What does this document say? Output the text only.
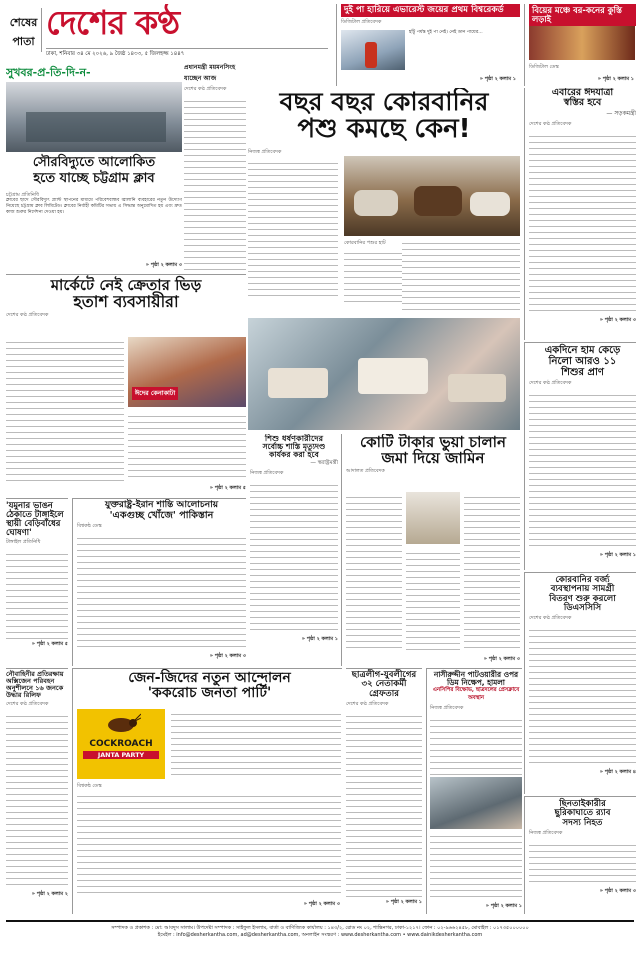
শেষের
পাতা দেশের কণ্ঠ
ঢাকা, শনিবার ৩৪ মে ২০২৬, ৯ জৈষ্ঠ ১৪৩৩, ৫ জিলহজ্জ ১৪৪৭
দুই পা হারিয়ে এভারেস্ট জয়ের প্রথম বিশ্বরেকর্ড
ডিজিটাল প্রতিবেদক
হাঁটু পর্যন্ত দুই পা নেই। নেই ডান পায়ের...
» পৃষ্ঠা ২ কলাম ১
বিয়ের মঞ্চে বর-কনের কুস্তি লড়াই
ডিজিটাল ডেস্ক
» পৃষ্ঠা ২ কলাম ১
প্রধানমন্ত্রী ময়মনসিংহ যাচ্ছেন আজ
দেশের কণ্ঠ প্রতিবেদক
সুখবর-প্র-তি-দি-ন-
সৌরবিদ্যুতে আলোকিত
হতে যাচ্ছে চট্টগ্রাম ক্লাব
চট্টগ্রাম প্রতিনিধি
ক্লাবের ছাদে সৌরবিদ্যুৎ প্ল্যান্ট স্থাপনের মাধ্যমে পরিবেশবান্ধব জ্বালানি ব্যবহারের নতুন উদ্যোগ নিয়েছে চট্টগ্রাম ক্লাব লিমিটেড। ক্লাবের নির্বাহী কমিটির সভায় এ সিদ্ধান্ত অনুমোদিত হয় এবং দ্রুত কাজ শুরুর নির্দেশনা দেওয়া হয়।
» পৃষ্ঠা ২ কলাম ৩
বছর বছর কোরবানির
পশু কমছে কেন!
নিজস্ব প্রতিবেদক
কোরবানির পশুর হাট
এবারের ঈদযাত্রা
স্বস্তির হবে
— সড়কমন্ত্রী
দেশের কণ্ঠ প্রতিবেদক
» পৃষ্ঠা ২ কলাম ৩
মার্কেটে নেই ক্রেতার ভিড়
হতাশ ব্যবসায়ীরা
দেশের কণ্ঠ প্রতিবেদক
ঈদের কেনাকাটা
» পৃষ্ঠা ২ কলাম ৫
একদিনে হাম কেড়ে
নিলো আরও ১১
শিশুর প্রাণ
দেশের কণ্ঠ প্রতিবেদক
» পৃষ্ঠা ২ কলাম ১
'যমুনার ভাঙন
ঠেকাতে টাঙ্গাইলে
স্থায়ী বেড়িবাঁধের
ঘোষণা'
টাঙ্গাইল প্রতিনিধি
» পৃষ্ঠা ২ কলাম ৫
যুক্তরাষ্ট্র-ইরান শান্তি আলোচনায়
'একগুচ্ছ খোঁজে' পাকিস্তান
বিশ্বকন্ঠ ডেস্ক
» পৃষ্ঠা ২ কলাম ৩
শিশু ধর্ষণকারীদের
সর্বোচ্চ শাস্তি মৃত্যুদণ্ড
কার্যকর করা হবে
— স্বরাষ্ট্রমন্ত্রী
নিজস্ব প্রতিবেদক
» পৃষ্ঠা ২ কলাম ১
কোটি টাকার ভুয়া চালান
জমা দিয়ে জামিন
আদালত প্রতিবেদক
» পৃষ্ঠা ২ কলাম ৩
কোরবানির বর্জ্য
ব্যবস্থাপনায় সামগ্রী
বিতরণ শুরু করলো
ডিএসসিসি
দেশের কণ্ঠ প্রতিবেদক
» পৃষ্ঠা ২ কলাম ৪
নৌবাহিনীর প্রতিরক্ষায়
অক্সিজেন পরিবহন
অনুশীলনে ১৬ জনকে
উদ্ধার রিলিফ
দেশের কণ্ঠ প্রতিবেদক
» পৃষ্ঠা ২ কলাম ২
জেন-জিদের নতুন আন্দোলন
'ককরোচ জনতা পার্টি'
COCKROACH
JANTA PARTY
বিশ্বকন্ঠ ডেস্ক
» পৃষ্ঠা ২ কলাম ৩
ছাত্রলীগ-যুবলীগের
৩২ নেতাকর্মী
গ্রেফতার
দেশের কণ্ঠ প্রতিবেদক
» পৃষ্ঠা ২ কলাম ১
নাসীরুদ্দীন পাটওয়ারীর ওপর
ডিম নিক্ষেপ, হামলা
এনসিপির বিক্ষোভ, ছাত্রদলের প্রেসক্লাবে অবস্থান
নিজস্ব প্রতিবেদক
» পৃষ্ঠা ২ কলাম ১
ছিনতাইকারীর
ছুরিকাঘাতে র‍্যাব
সদস্য নিহত
নিজস্ব প্রতিবেদক
» পৃষ্ঠা ২ কলাম ৩
সম্পাদক ও প্রকাশক : মো: আবদুস সালাম। উপদেষ্টা সম্পাদক : সাইফুল ইসলাম, বার্তা ও বাণিজ্যিক কার্যালয় : ১৪৩/২, রোড নং ০২, শান্তিনগর, ঢাকা-১২১৭। ফোন : ০২-৯৬৬২৪৫৮, মোবাইল : ০১৭৩৫০০০০০০
ইমেইল : info@desherkantha.com, ad@desherkantha.com, অনলাইন সংস্করণ : www.desherkantha.com • www.dainikdesherkantha.com
